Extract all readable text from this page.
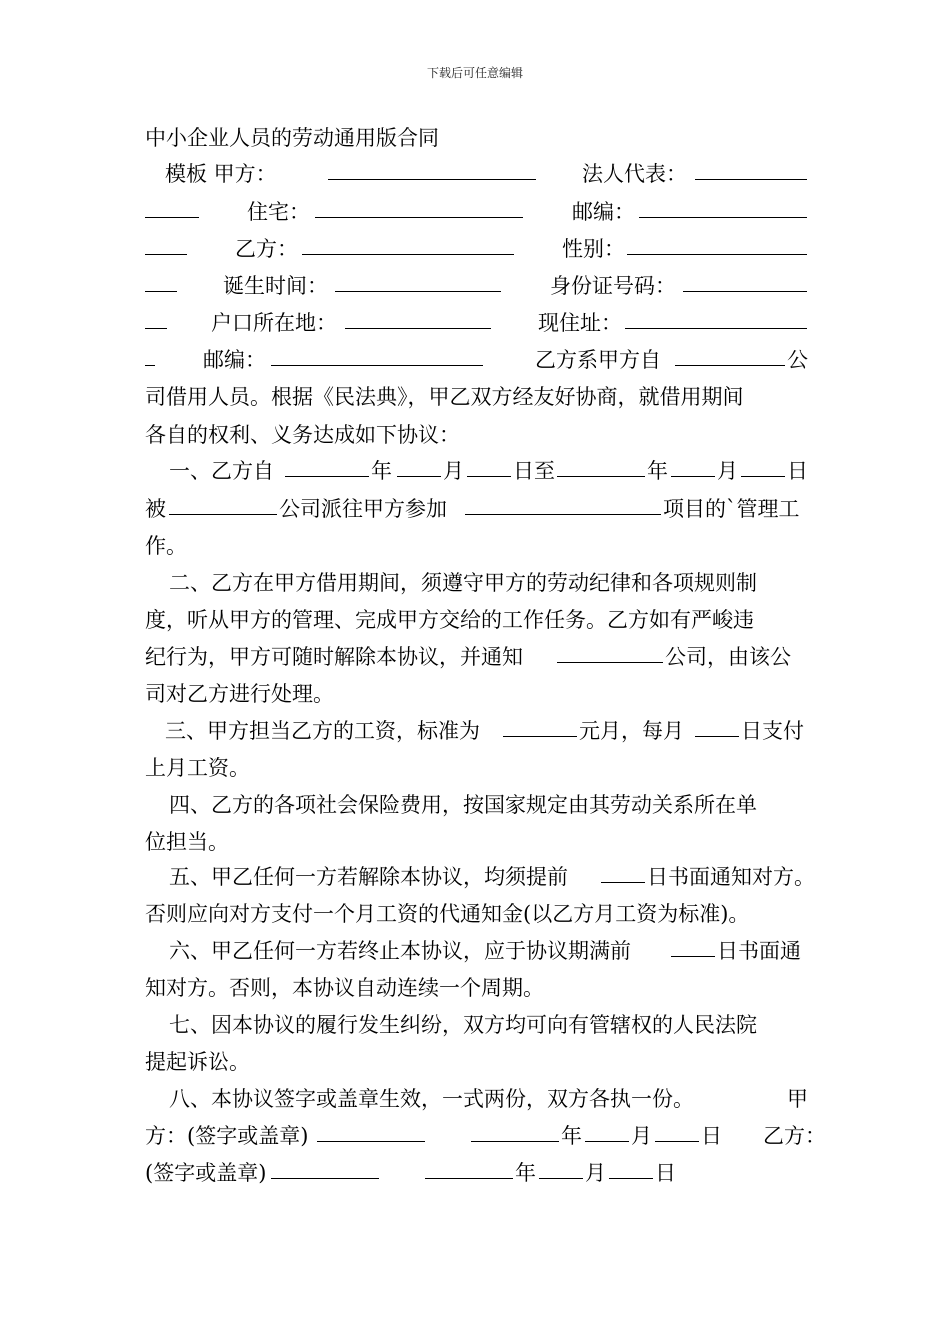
下载后可任意编辑
中小企业人员的劳动通用版合同
模板 甲方：	法人代表：
住宅：	邮编：
乙方：	性别：
诞生时间：	身份证号码：
户口所在地：	现住址：
邮编：	乙方系甲方自	公
司借用人员。根据《民法典》，甲乙双方经友好协商，就借用期间
各自的权利、义务达成如下协议：
一、乙方自	年 月 日至	年 月 日
被	公司派往甲方参加	项目的`管理工
作。
二、乙方在甲方借用期间，须遵守甲方的劳动纪律和各项规则制
度，听从甲方的管理、完成甲方交给的工作任务。乙方如有严峻违
纪行为，甲方可随时解除本协议，并通知	公司，由该公
司对乙方进行处理。
三、甲方担当乙方的工资，标准为	元月，每月	日支付
上月工资。
四、乙方的各项社会保险费用，按国家规定由其劳动关系所在单
位担当。
五、甲乙任何一方若解除本协议，均须提前	日书面通知对方。
否则应向对方支付一个月工资的代通知金(以乙方月工资为标准)。
六、甲乙任何一方若终止本协议，应于协议期满前	日书面通
知对方。否则，本协议自动连续一个周期。
七、因本协议的履行发生纠纷，双方均可向有管辖权的人民法院
提起诉讼。
八、本协议签字或盖章生效，一式两份，双方各执一份。	甲
方：(签字或盖章)	年 月 日 乙方：
(签字或盖章)	年 月 日
